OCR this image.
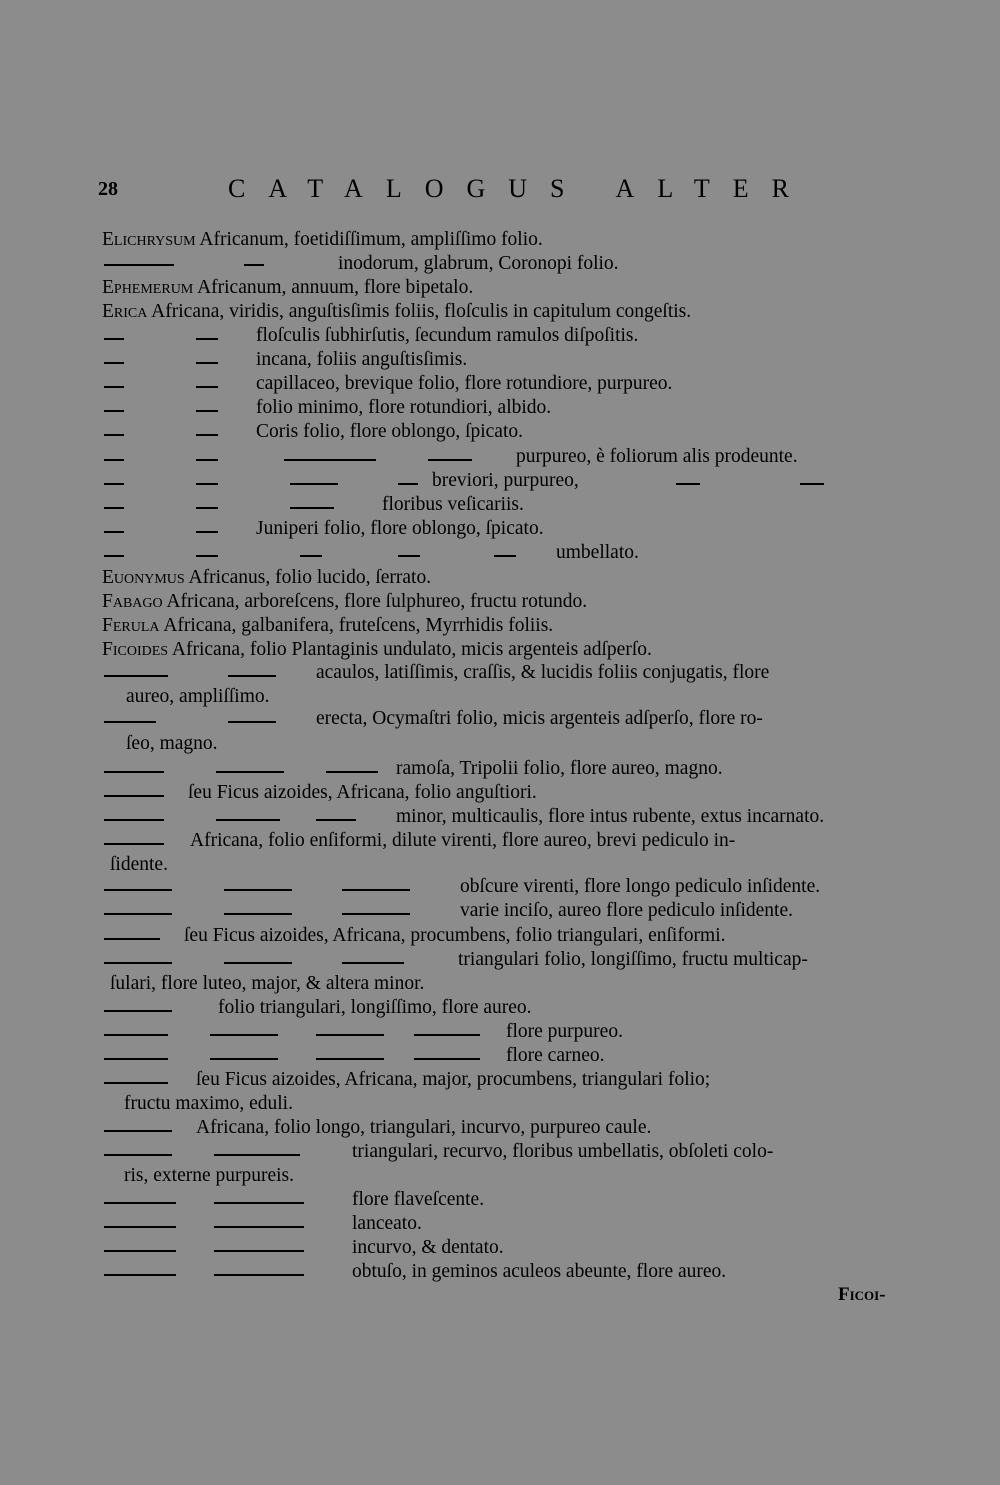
28	CATALOGUS ALTER
Elichrysum Africanum, foetidiſſimum, ampliſſimo folio.
inodorum, glabrum, Coronopi folio.
Ephemerum Africanum, annuum, flore bipetalo.
Erica Africana, viridis, anguſtisſimis foliis, floſculis in capitulum congeſtis.
floſculis ſubhirſutis, ſecundum ramulos diſpoſitis.
incana, foliis anguſtisſimis.
capillaceo, brevique folio, flore rotundiore, purpureo.
folio minimo, flore rotundiori, albido.
Coris folio, flore oblongo, ſpicato.
purpureo, è foliorum alis prodeunte.
breviori, purpureo,
floribus veſicariis.
Juniperi folio, flore oblongo, ſpicato.
umbellato.
Euonymus Africanus, folio lucido, ſerrato.
Fabago Africana, arboreſcens, flore ſulphureo, fructu rotundo.
Ferula Africana, galbanifera, fruteſcens, Myrrhidis foliis.
Ficoides Africana, folio Plantaginis undulato, micis argenteis adſperſo.
acaulos, latiſſimis, craſſis, & lucidis foliis conjugatis, flore
aureo, ampliſſimo.
erecta, Ocymaſtri folio, micis argenteis adſperſo, flore ro-
ſeo, magno.
ramoſa, Tripolii folio, flore aureo, magno.
ſeu Ficus aizoides, Africana, folio anguſtiori.
minor, multicaulis, flore intus rubente, extus incarnato.
Africana, folio enſiformi, dilute virenti, flore aureo, brevi pediculo in-
ſidente.
obſcure virenti, flore longo pediculo inſidente.
varie inciſo, aureo flore pediculo inſidente.
ſeu Ficus aizoides, Africana, procumbens, folio triangulari, enſiformi.
triangulari folio, longiſſimo, fructu multicap-
ſulari, flore luteo, major, & altera minor.
folio triangulari, longiſſimo, flore aureo.
flore purpureo.
flore carneo.
ſeu Ficus aizoides, Africana, major, procumbens, triangulari folio;
fructu maximo, eduli.
Africana, folio longo, triangulari, incurvo, purpureo caule.
triangulari, recurvo, floribus umbellatis, obſoleti colo-
ris, externe purpureis.
flore flaveſcente.
lanceato.
incurvo, & dentato.
obtuſo, in geminos aculeos abeunte, flore aureo.
Ficoi-
